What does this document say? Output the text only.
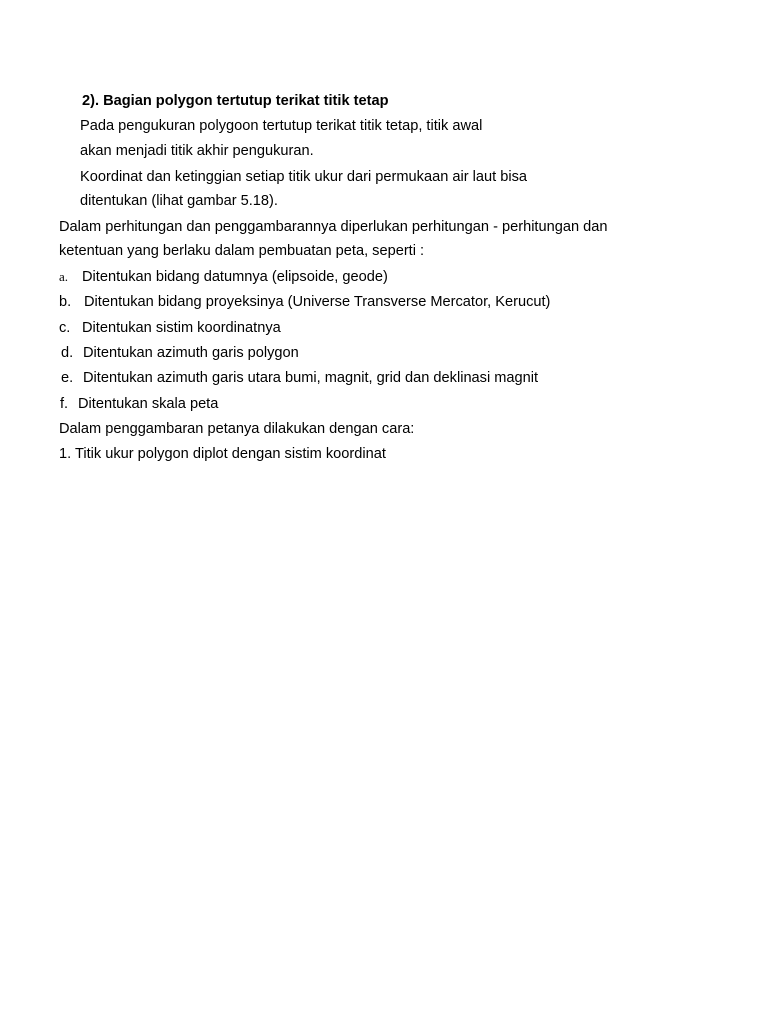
2). Bagian polygon tertutup terikat titik tetap
Pada pengukuran polygoon tertutup terikat titik tetap, titik awal
akan menjadi titik akhir pengukuran.
Koordinat dan ketinggian setiap titik ukur dari permukaan air laut bisa
ditentukan (lihat gambar 5.18).
Dalam perhitungan dan penggambarannya diperlukan perhitungan - perhitungan dan
ketentuan yang berlaku dalam pembuatan peta, seperti :
a. Ditentukan bidang datumnya (elipsoide, geode)
b. Ditentukan bidang proyeksinya (Universe Transverse Mercator, Kerucut)
c. Ditentukan sistim koordinatnya
d. Ditentukan azimuth garis polygon
e. Ditentukan azimuth garis utara bumi, magnit, grid dan deklinasi magnit
f. Ditentukan skala peta
Dalam penggambaran petanya dilakukan dengan cara:
1. Titik ukur polygon diplot dengan sistim koordinat
